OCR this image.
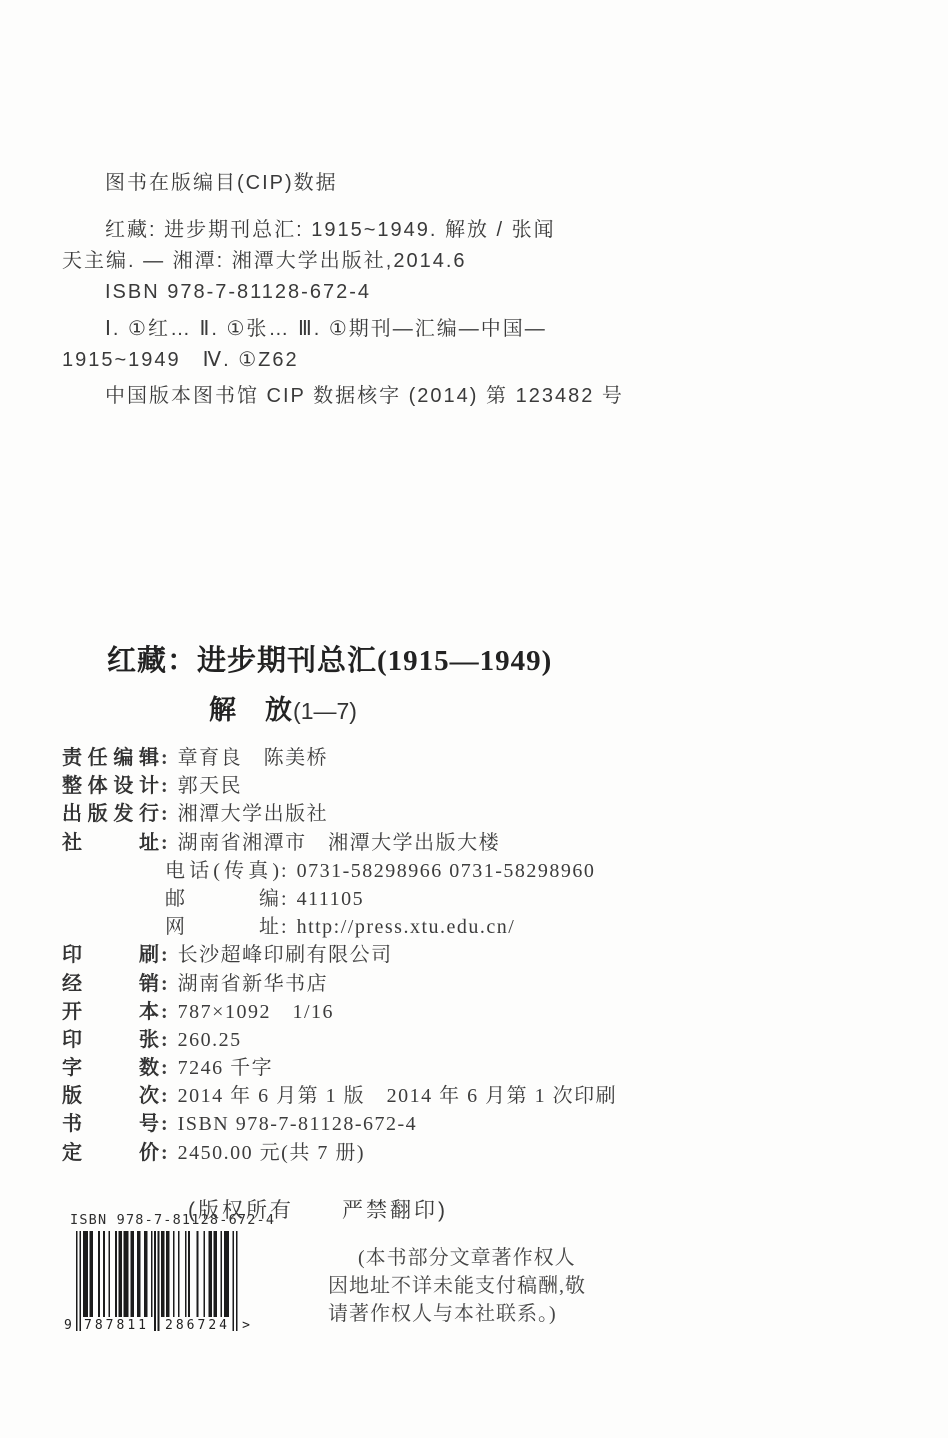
图书在版编目(CIP)数据
红藏: 进步期刊总汇: 1915~1949. 解放 / 张闻
天主编. — 湘潭: 湘潭大学出版社,2014.6
ISBN 978-7-81128-672-4
Ⅰ. ①红… Ⅱ. ①张… Ⅲ. ①期刊—汇编—中国—
1915~1949　Ⅳ. ①Z62
中国版本图书馆 CIP 数据核字 (2014) 第 123482 号
红藏：进步期刊总汇(1915—1949)
解　放(1—7)
责任编辑 : 章育良　陈美桥
整体设计 : 郭天民
出版发行 : 湘潭大学出版社
社址 : 湖南省湘潭市　湘潭大学出版大楼
电话(传真) : 0731-58298966 0731-58298960
邮编 : 411105
网址 : http://press.xtu.edu.cn/
印刷 : 长沙超峰印刷有限公司
经销 : 湖南省新华书店
开本 : 787×1092　1/16
印张 : 260.25
字数 : 7246 千字
版次 : 2014 年 6 月第 1 版　2014 年 6 月第 1 次印刷
书号 : ISBN 978-7-81128-672-4
定价 : 2450.00 元(共 7 册)
(版权所有　　严禁翻印)
ISBN 978-7-81128-672-4
9 787811	286724 >
(本书部分文章著作权人
因地址不详未能支付稿酬,敬
请著作权人与本社联系。)
